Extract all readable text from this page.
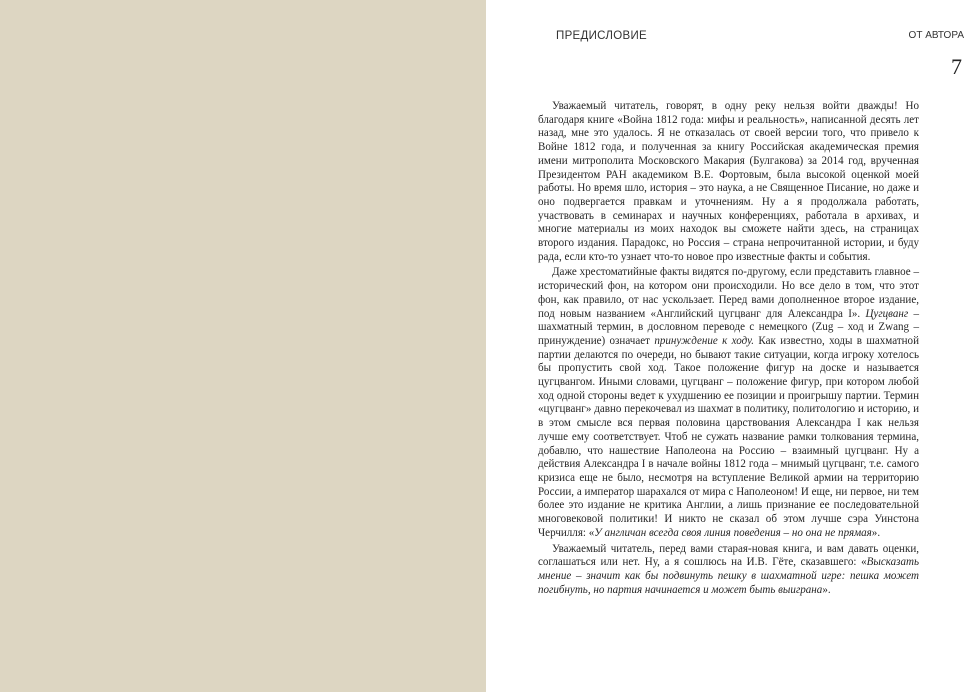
ПРЕДИСЛОВИЕ	ОТ АВТОРА
7

Уважаемый читатель, говорят, в одну реку нельзя войти дважды! Но благодаря книге «Война 1812 года: мифы и реальность», написанной десять лет назад, мне это удалось. Я не отказалась от своей версии того, что привело к Войне 1812 года, и полученная за книгу Российская академическая премия имени митрополита Московского Макария (Булгакова) за 2014 год, врученная Президентом РАН академиком В.Е. Фортовым, была высокой оценкой моей работы. Но время шло, история – это наука, а не Священное Писание, но даже и оно подвергается правкам и уточнениям. Ну а я продолжала работать, участвовать в семинарах и научных конференциях, работала в архивах, и многие материалы из моих находок вы сможете найти здесь, на страницах второго издания. Парадокс, но Россия – страна непрочитанной истории, и буду рада, если кто-то узнает что-то новое про известные факты и события.

Даже хрестоматийные факты видятся по-другому, если представить главное – исторический фон, на котором они происходили. Но все дело в том, что этот фон, как правило, от нас ускользает. Перед вами дополненное второе издание, под новым названием «Английский цугцванг для Александра I». Цугцванг – шахматный термин, в дословном переводе с немецкого (Zug – ход и Zwang – принуждение) означает принуждение к ходу. Как известно, ходы в шахматной партии делаются по очереди, но бывают такие ситуации, когда игроку хотелось бы пропустить свой ход. Такое положение фигур на доске и называется цугцвангом. Иными словами, цугцванг – положение фигур, при котором любой ход одной стороны ведет к ухудшению ее позиции и проигрышу партии. Термин «цугцванг» давно перекочевал из шахмат в политику, политологию и историю, и в этом смысле вся первая половина царствования Александра I как нельзя лучше ему соответствует. Чтоб не сужать название рамки толкования термина, добавлю, что нашествие Наполеона на Россию – взаимный цугцванг. Ну а действия Александра I в начале войны 1812 года – мнимый цугцванг, т.е. самого кризиса еще не было, несмотря на вступление Великой армии на территорию России, а император шарахался от мира с Наполеоном! И еще, ни первое, ни тем более это издание не критика Англии, а лишь признание ее последовательной многовековой политики! И никто не сказал об этом лучше сэра Уинстона Черчилля: «У англичан всегда своя линия поведения – но она не прямая».

Уважаемый читатель, перед вами старая-новая книга, и вам давать оценки, соглашаться или нет. Ну, а я сошлюсь на И.В. Гёте, сказавшего: «Высказать мнение – значит как бы подвинуть пешку в шахматной игре: пешка может погибнуть, но партия начинается и может быть выиграна».
